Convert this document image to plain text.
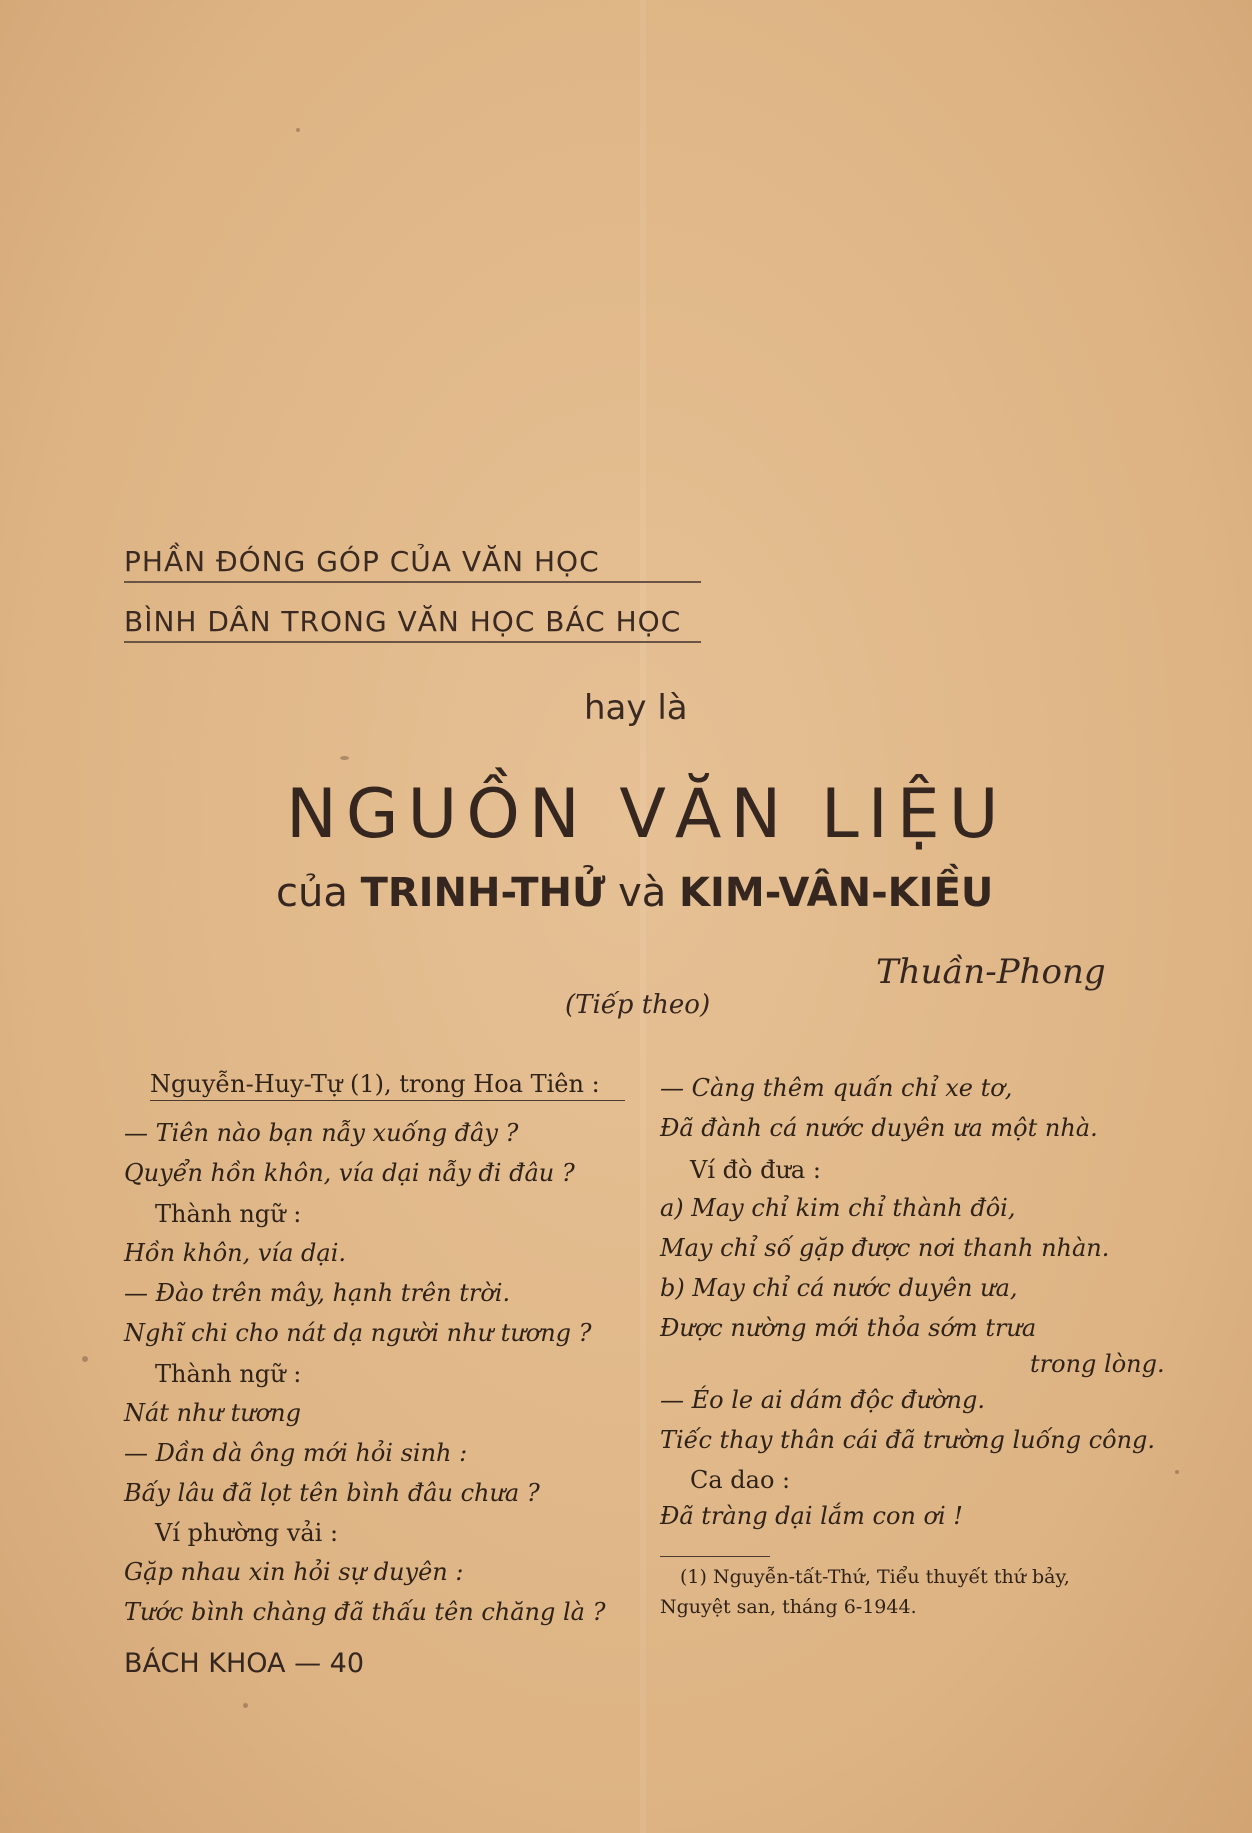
PHẦN ĐÓNG GÓP CỦA VĂN HỌC
BÌNH DÂN TRONG VĂN HỌC BÁC HỌC
hay là
NGUỒN VĂN LIỆU
của TRINH-THỬ và KIM-VÂN-KIỀU
Thuần-Phong
(Tiếp theo)
Nguyễn-Huy-Tự (1), trong Hoa Tiên :
— Tiên nào bạn nẫy xuống đây ?
Quyển hồn khôn, vía dại nẫy đi đâu ?
Thành ngữ :
Hồn khôn, vía dại.
— Đào trên mây, hạnh trên trời.
Nghĩ chi cho nát dạ người như tương ?
Thành ngữ :
Nát như tương
— Dần dà ông mới hỏi sinh :
Bấy lâu đã lọt tên bình đâu chưa ?
Ví phường vải :
Gặp nhau xin hỏi sự duyên :
Tước bình chàng đã thấu tên chăng là ?
— Càng thêm quấn chỉ xe tơ,
Đã đành cá nước duyên ưa một nhà.
Ví đò đưa :
a) May chỉ kim chỉ thành đôi,
May chỉ số gặp được nơi thanh nhàn.
b) May chỉ cá nước duyên ưa,
Được nường mới thỏa sớm trưa
trong lòng.
— Éo le ai dám độc đường.
Tiếc thay thân cái đã trường luống công.
Ca dao :
Đã tràng dại lắm con ơi !
(1) Nguyễn-tất-Thứ, Tiểu thuyết thứ bảy,
Nguyệt san, tháng 6-1944.
BÁCH KHOA — 40
